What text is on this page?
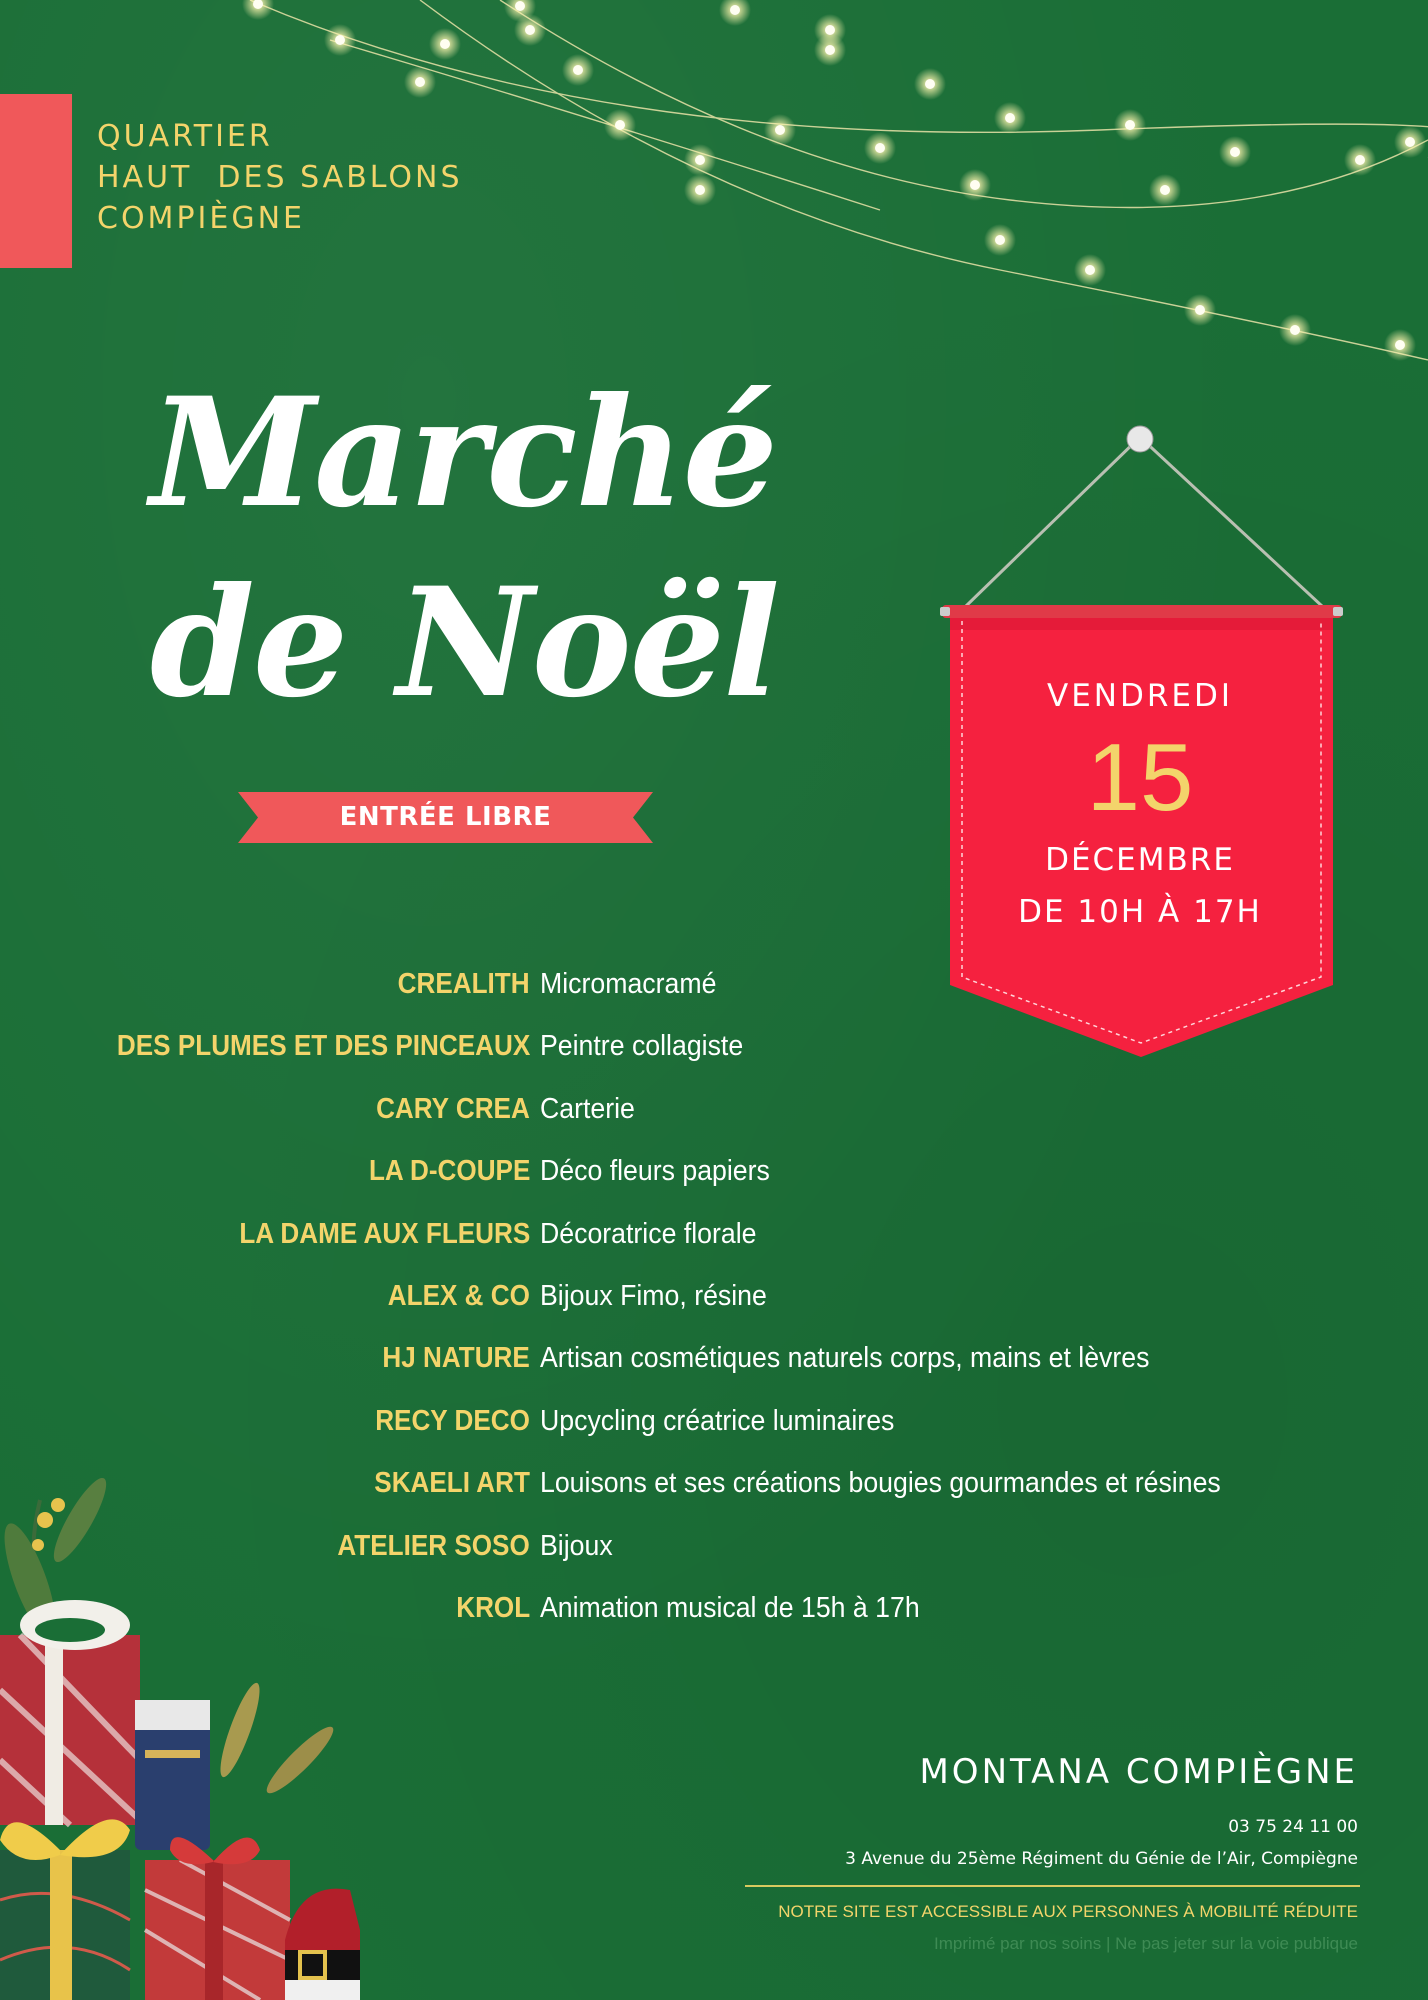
QUARTIER
HAUT  DES SABLONS
COMPIÈGNE
Marché
de Noël
ENTRÉE LIBRE
VENDREDI
15
DÉCEMBRE
DE 10H À 17H
CREALITH Micromacramé
DES PLUMES ET DES PINCEAUX Peintre collagiste
CARY CREA Carterie
LA D-COUPE Déco fleurs papiers
LA DAME AUX FLEURS Décoratrice florale
ALEX & CO Bijoux Fimo, résine
HJ NATURE Artisan cosmétiques naturels corps, mains et lèvres
RECY DECO Upcycling créatrice luminaires
SKAELI ART Louisons et ses créations bougies gourmandes et résines
ATELIER SOSO Bijoux
KROL Animation musical de 15h à 17h
MONTANA COMPIÈGNE
03 75 24 11 00
3 Avenue du 25ème Régiment du Génie de l’Air, Compiègne
NOTRE SITE EST ACCESSIBLE AUX PERSONNES À MOBILITÉ RÉDUITE
Imprimé par nos soins | Ne pas jeter sur la voie publique
